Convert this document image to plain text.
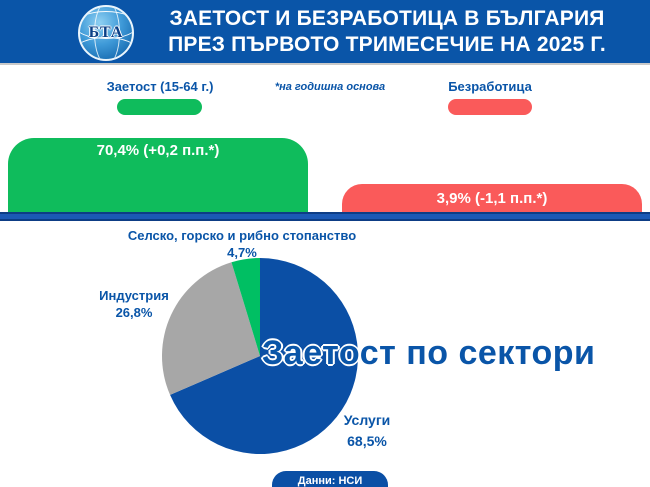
БТА
ЗАЕТОСТ И БЕЗРАБОТИЦА В БЪЛГАРИЯ
ПРЕЗ ПЪРВОТО ТРИМЕСЕЧИЕ НА 2025 Г.
Заетост (15-64 г.)	*на годишна основа	Безработица
70,4% (+0,2 п.п.*)
3,9% (-1,1 п.п.*)
Селско, горско и рибно стопанство
4,7%
Индустрия
26,8%
Услуги
68,5%
Заетост по сектори
Данни: НСИ
